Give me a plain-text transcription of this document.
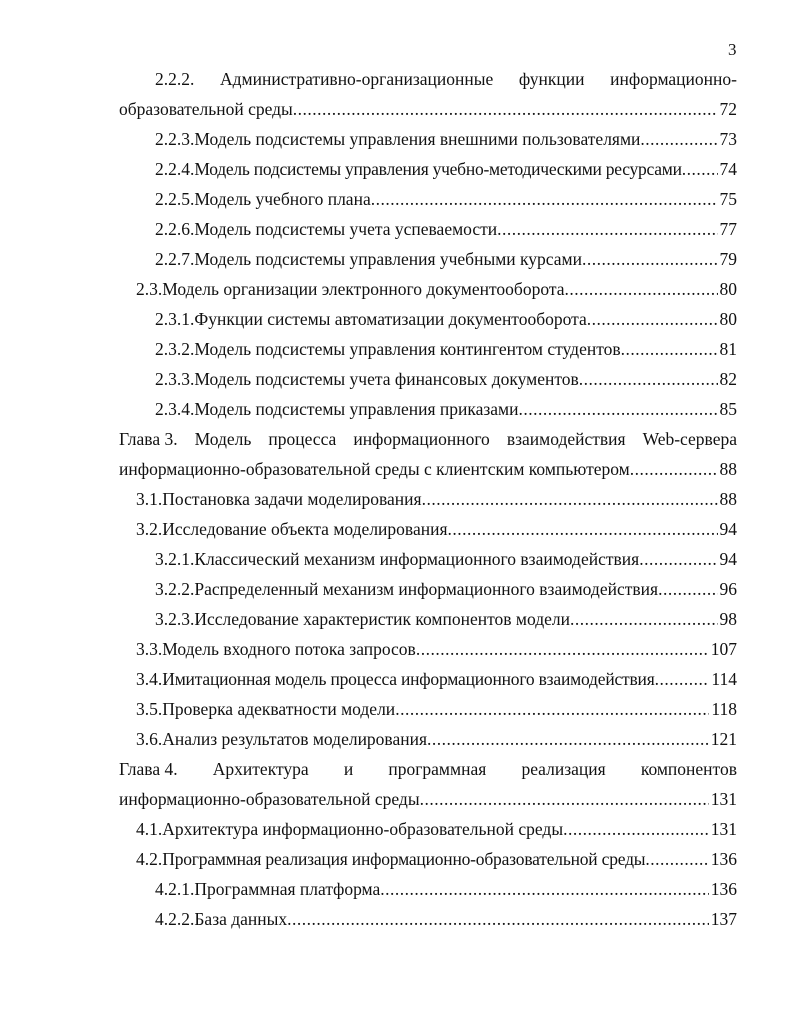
3
2.2.2. Административно-организационные функции информационно-
образовательной среды .....	72
2.2.3. Модель подсистемы управления внешними пользователями .....	73
2.2.4. Модель подсистемы управления учебно-методическими ресурсами ..... 74
2.2.5. Модель учебного плана .....	75
2.2.6. Модель подсистемы учета успеваемости .....	77
2.2.7. Модель подсистемы управления учебными курсами .....	79
2.3. Модель организации электронного документооборота .....	80
2.3.1. Функции системы автоматизации документооборота .....	80
2.3.2. Модель подсистемы управления контингентом студентов .....	81
2.3.3. Модель подсистемы учета финансовых документов .....	82
2.3.4. Модель подсистемы управления приказами .....	85
Глава 3. Модель процесса информационного взаимодействия Web-сервера
информационно-образовательной среды с клиентским компьютером .....	88
3.1. Постановка задачи моделирования .....	88
3.2. Исследование объекта моделирования .....	94
3.2.1. Классический механизм информационного взаимодействия .....	94
3.2.2. Распределенный механизм информационного взаимодействия .....	96
3.2.3. Исследование характеристик компонентов модели .....	98
3.3. Модель входного потока запросов .....	107
3.4. Имитационная модель процесса информационного взаимодействия .....	114
3.5. Проверка адекватности модели .....	118
3.6. Анализ результатов моделирования .....	121
Глава 4. Архитектура и программная реализация компонентов
информационно-образовательной среды .....	131
4.1. Архитектура информационно-образовательной среды .....	131
4.2. Программная реализация информационно-образовательной среды .....	136
4.2.1. Программная платформа .....	136
4.2.2. База данных .....	137
